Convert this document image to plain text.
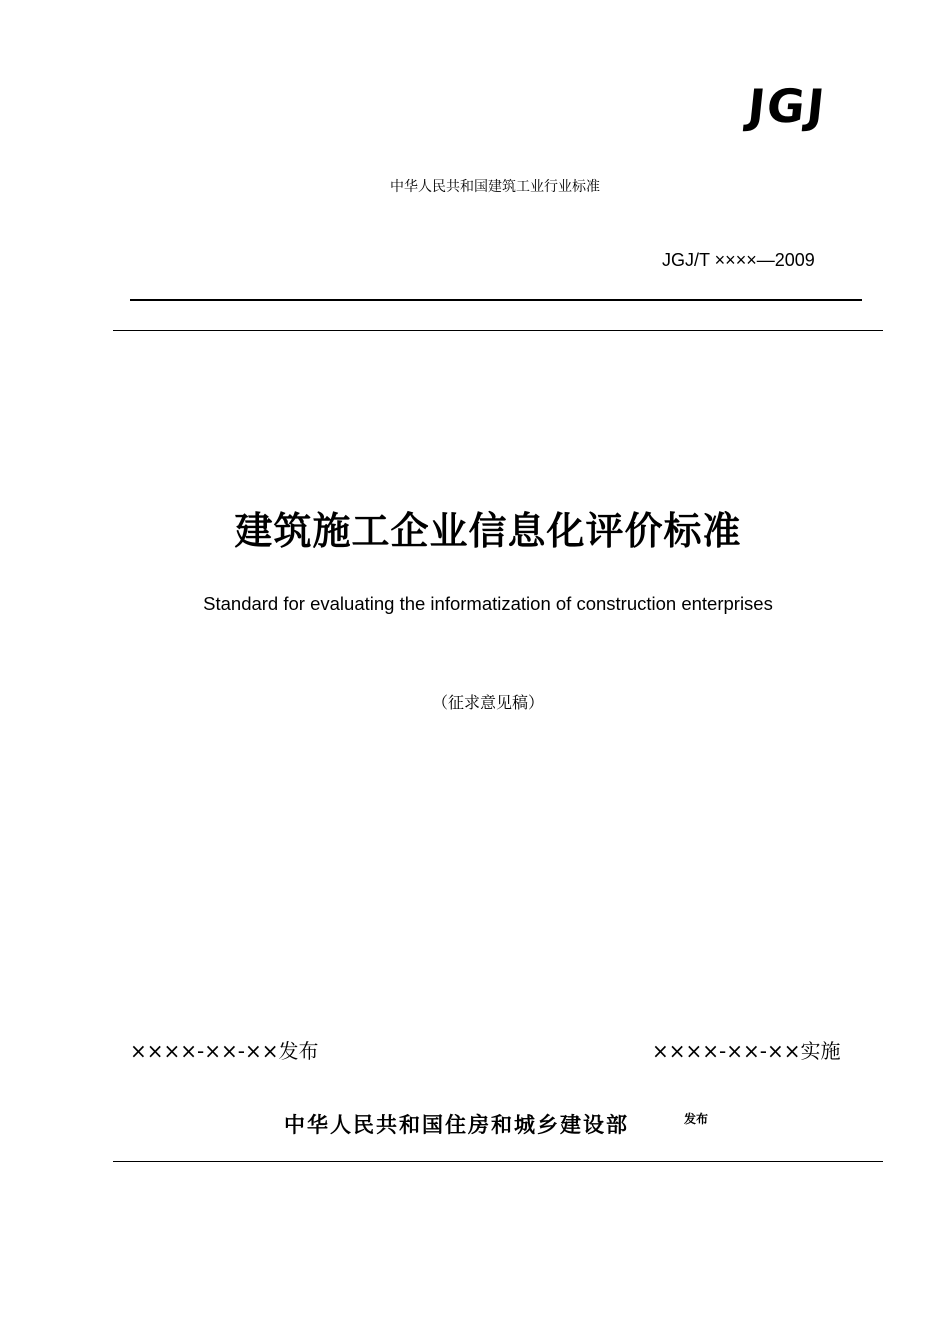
JGJ
中华人民共和国建筑工业行业标准
JGJ/T ××××—2009
建筑施工企业信息化评价标准
Standard for evaluating the informatization of construction enterprises
（征求意见稿）
××××-××-××发布	××××-××-××实施
中华人民共和国住房和城乡建设部	发布
